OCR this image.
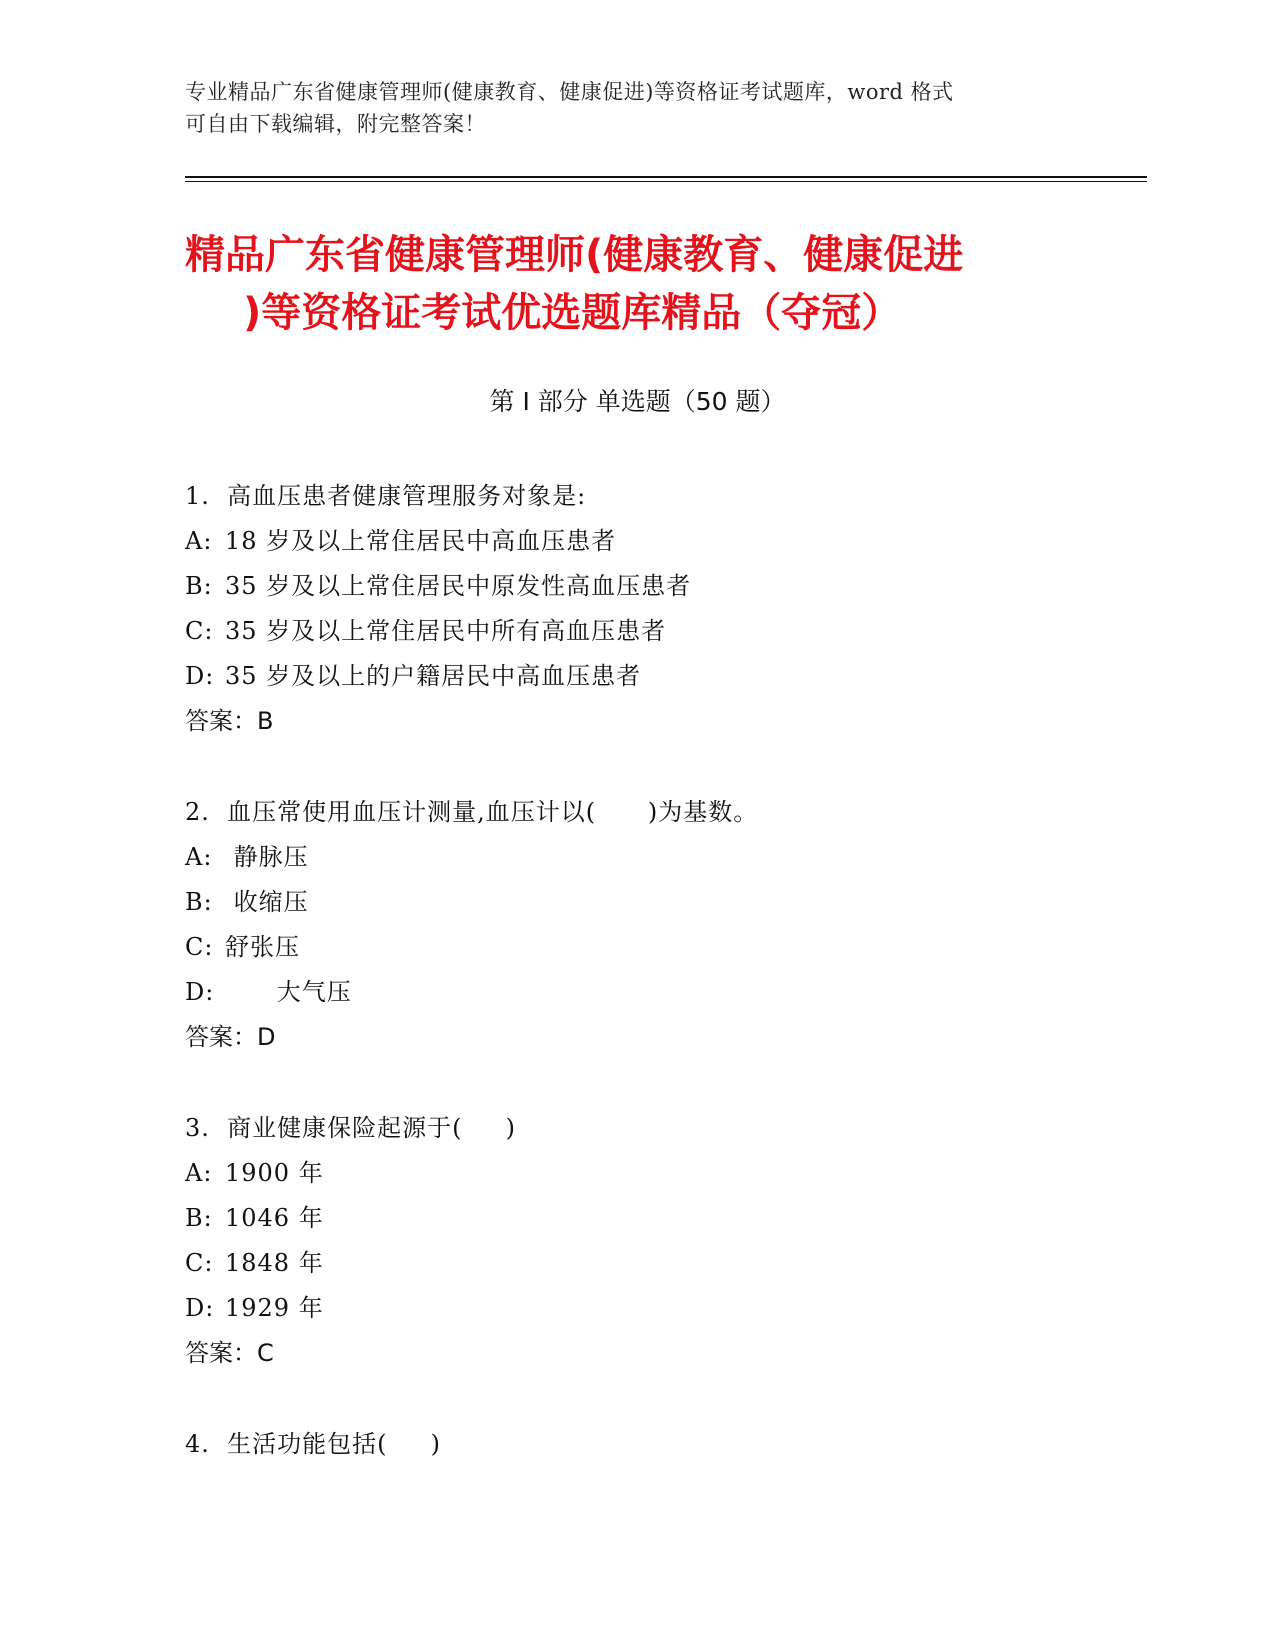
专业精品广东省健康管理师(健康教育、健康促进)等资格证考试题库，word 格式
可自由下载编辑，附完整答案！
精品广东省健康管理师(健康教育、健康促进
)等资格证考试优选题库精品（夺冠）
第 I 部分 单选题（50 题）
1.  高血压患者健康管理服务对象是:
A: 18 岁及以上常住居民中高血压患者
B: 35 岁及以上常住居民中原发性高血压患者
C: 35 岁及以上常住居民中所有高血压患者
D: 35 岁及以上的户籍居民中高血压患者
答案：B
2.  血压常使用血压计测量,血压计以(      )为基数。
A: 静脉压
B: 收缩压
C: 舒张压
D:      大气压
答案：D
3.  商业健康保险起源于(     )
A: 1900 年
B: 1046 年
C: 1848 年
D: 1929 年
答案：C
4.  生活功能包括(     )
